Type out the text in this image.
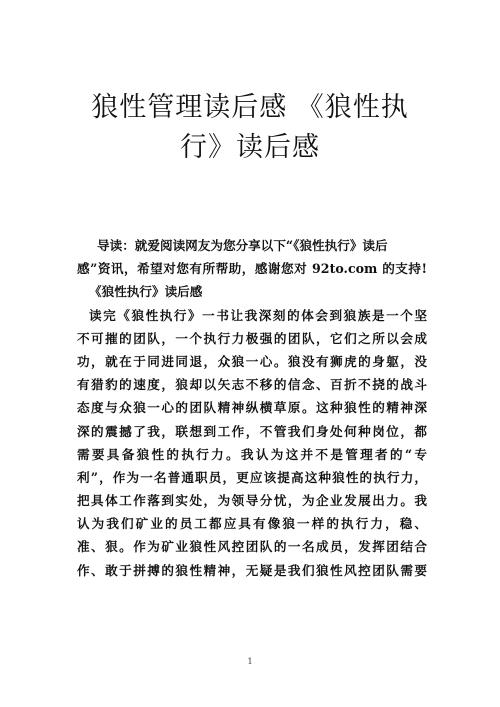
狼性管理读后感 《狼性执
行》读后感
导读：就爱阅读网友为您分享以下“《狼性执行》读后
感”资讯，希望对您有所帮助，感谢您对 92to.com 的支持!
《狼性执行》读后感
读完《狼性执行》一书让我深刻的体会到狼族是一个坚
不可摧的团队，一个执行力极强的团队，它们之所以会成
功，就在于同进同退，众狼一心。狼没有狮虎的身躯，没
有猎豹的速度，狼却以矢志不移的信念、百折不挠的战斗
态度与众狼一心的团队精神纵横草原。这种狼性的精神深
深的震撼了我，联想到工作，不管我们身处何种岗位，都
需要具备狼性的执行力。我认为这并不是管理者的“专
利”，作为一名普通职员，更应该提高这种狼性的执行力，
把具体工作落到实处，为领导分忧，为企业发展出力。我
认为我们矿业的员工都应具有像狼一样的执行力，稳、
准、狠。作为矿业狼性风控团队的一名成员，发挥团结合
作、敢于拼搏的狼性精神，无疑是我们狼性风控团队需要
1
